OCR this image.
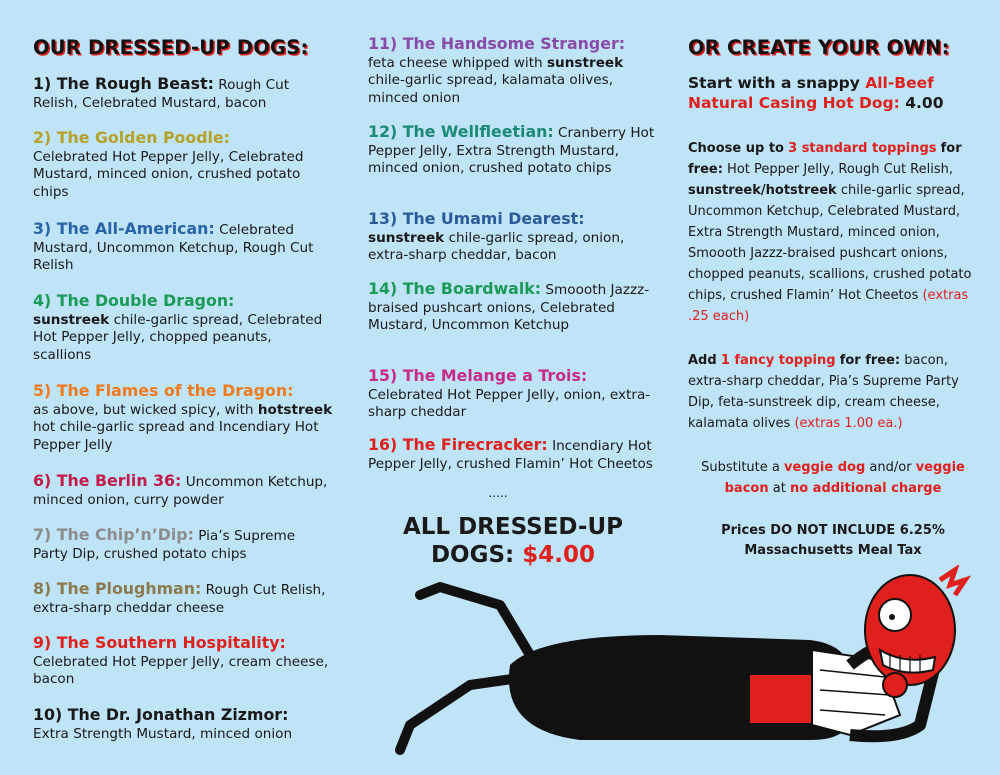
OUR DRESSED-UP DOGS:
1) The Rough Beast: Rough Cut Relish, Celebrated Mustard, bacon
2) The Golden Poodle:
Celebrated Hot Pepper Jelly, Celebrated Mustard, minced onion, crushed potato chips
3) The All-American: Celebrated Mustard, Uncommon Ketchup, Rough Cut Relish
4) The Double Dragon:
sunstreek chile-garlic spread, Celebrated Hot Pepper Jelly, chopped peanuts, scallions
5) The Flames of the Dragon:
as above, but wicked spicy, with hotstreek hot chile-garlic spread and Incendiary Hot Pepper Jelly
6) The Berlin 36: Uncommon Ketchup, minced onion, curry powder
7) The Chip’n’Dip: Pia’s Supreme Party Dip, crushed potato chips
8) The Ploughman: Rough Cut Relish, extra-sharp cheddar cheese
9) The Southern Hospitality:
Celebrated Hot Pepper Jelly, cream cheese, bacon
10) The Dr. Jonathan Zizmor:
Extra Strength Mustard, minced onion
11) The Handsome Stranger:
feta cheese whipped with sunstreek chile-garlic spread, kalamata olives, minced onion
12) The Wellfleetian: Cranberry Hot Pepper Jelly, Extra Strength Mustard, minced onion, crushed potato chips
13) The Umami Dearest:
sunstreek chile-garlic spread, onion, extra-sharp cheddar, bacon
14) The Boardwalk: Smoooth Jazzz-braised pushcart onions, Celebrated Mustard, Uncommon Ketchup
15) The Melange a Trois:
Celebrated Hot Pepper Jelly, onion, extra-sharp cheddar
16) The Firecracker: Incendiary Hot Pepper Jelly, crushed Flamin’ Hot Cheetos
.....
ALL DRESSED-UP
DOGS: $4.00
OR CREATE YOUR OWN:
Start with a snappy All-Beef Natural Casing Hot Dog: 4.00
Choose up to 3 standard toppings for free: Hot Pepper Jelly, Rough Cut Relish, sunstreek/hotstreek chile-garlic spread, Uncommon Ketchup, Celebrated Mustard, Extra Strength Mustard, minced onion, Smoooth Jazzz-braised pushcart onions, chopped peanuts, scallions, crushed potato chips, crushed Flamin’ Hot Cheetos (extras .25 each)
Add 1 fancy topping for free: bacon, extra-sharp cheddar, Pia’s Supreme Party Dip, feta-sunstreek dip, cream cheese, kalamata olives (extras 1.00 ea.)
Substitute a veggie dog and/or veggie bacon at no additional charge
Prices DO NOT INCLUDE 6.25%
Massachusetts Meal Tax
